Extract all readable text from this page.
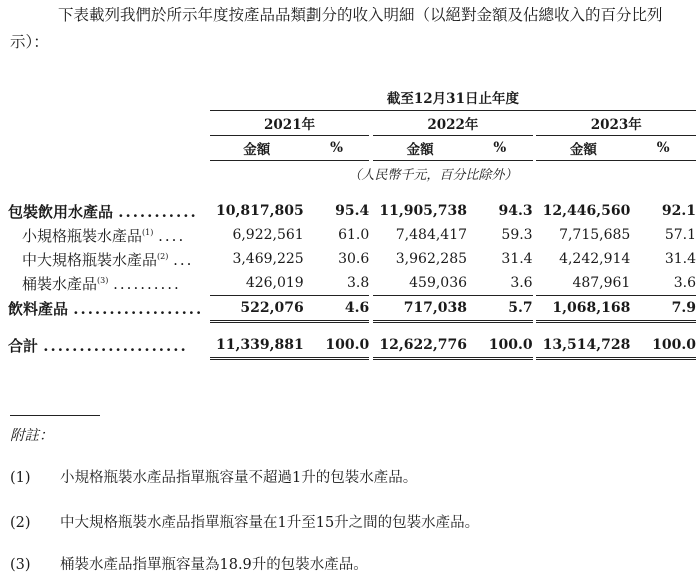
下表載列我們於所示年度按產品品類劃分的收入明細（以絕對金額及佔總收入的百分比列示）：
	截至12月31日止年度							
	2021年			2022年			2023年	
	金額	%		金額	%		金額	%
	（人民幣千元，百分比除外）							

包裝飲用水產品 ...........	10,817,805	95.4		11,905,738	94.3		12,446,560	92.1
小規格瓶裝水產品$^{(1)}$ ....	6,922,561	61.0		7,484,417	59.3		7,715,685	57.1
中大規格瓶裝水產品$^{(2)}$ ...	3,469,225	30.6		3,962,285	31.4		4,242,914	31.4
桶裝水產品$^{(3)}$ ..........	426,019	3.8		459,036	3.6		487,961	3.6
飲料產品 ..................	522,076	4.6		717,038	5.7		1,068,168	7.9

合計 ....................	11,339,881	100.0		12,622,776	100.0		13,514,728	100.0
附註：
(1) 小規格瓶裝水產品指單瓶容量不超過1升的包裝水產品。
(2) 中大規格瓶裝水產品指單瓶容量在1升至15升之間的包裝水產品。
(3) 桶裝水產品指單瓶容量為18.9升的包裝水產品。
